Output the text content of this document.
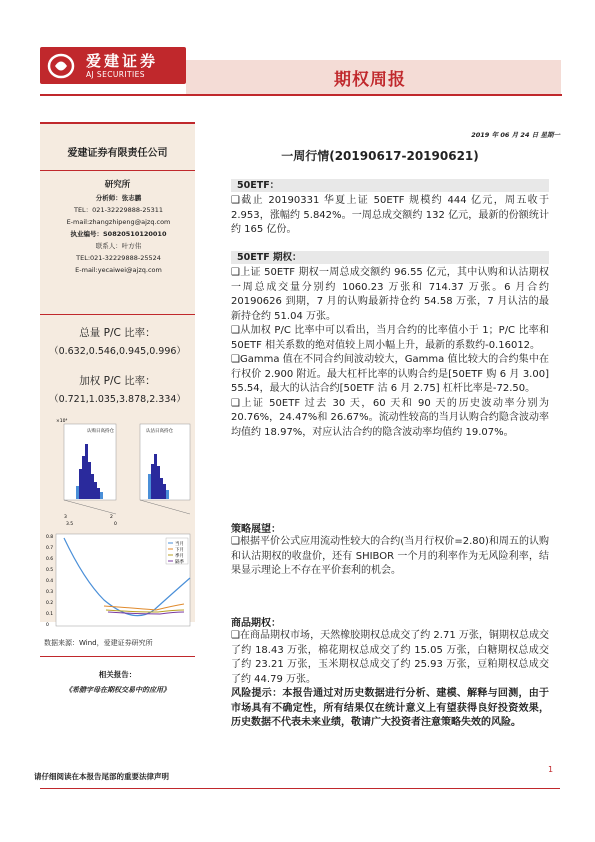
爱建证券
AJ SECURITIES	期权周报
爱建证券有限责任公司
研究所
分析师：张志鹏
TEL：021-32229888-25311
E-mail:zhangzhipeng@ajzq.com
执业编号：S0820510120010
联系人：叶方伟
TEL:021-32229888-25524
E-mail:yecaiwei@ajzq.com
总量 P/C 比率：
（0.632,0.546,0.945,0.996）
加权 P/C 比率：
（0.721,1.035,3.878,2.334）
×10⁴
认购日高持仓
3
3.5
2
0
认沽日高持仓
0.8
0.7
0.6
0.5
0.4
0.3
0.2
0.1
0
当月
下月
季月
隔季
数据来源：Wind，爱建证券研究所
相关报告：
《希腊字母在期权交易中的应用》
2019 年 06 月 24 日 星期一
一周行情(20190617-20190621)
50ETF：

❑截止 20190331 华夏上证 50ETF 规模约 444 亿元，周五收于 2.953，涨幅约 5.842%。一周总成交额约 132 亿元，最新的份额统计约 165 亿份。

50ETF 期权：

❑上证 50ETF 期权一周总成交额约 96.55 亿元，其中认购和认沽期权一周总成交量分别约 1060.23 万张和 714.37 万张。6 月合约 20190626 到期，7 月的认购最新持仓约 54.58 万张，7 月认沽的最新持仓约 51.04 万张。

❑从加权 P/C 比率中可以看出，当月合约的比率值小于 1；P/C 比率和 50ETF 相关系数的绝对值较上周小幅上升，最新的系数约-0.16012。

❑Gamma 值在不同合约间波动较大，Gamma 值比较大的合约集中在行权价 2.900 附近。最大杠杆比率的认购合约是[50ETF 购 6 月 3.00] 55.54，最大的认沽合约[50ETF 沽 6 月 2.75] 杠杆比率是-72.50。

❑上证 50ETF 过去 30 天，60 天和 90 天的历史波动率分别为 20.76%，24.47%和 26.67%。流动性较高的当月认购合约隐含波动率均值约 18.97%，对应认沽合约的隐含波动率均值约 19.07%。

策略展望：

❑根据平价公式应用流动性较大的合约(当月行权价=2.80)和周五的认购和认沽期权的收盘价，还有 SHIBOR 一个月的利率作为无风险利率，结果显示理论上不存在平价套利的机会。

商品期权：

❑在商品期权市场，天然橡胶期权总成交了约 2.71 万张，铜期权总成交了约 18.43 万张，棉花期权总成交了约 15.05 万张，白糖期权总成交了约 23.21 万张，玉米期权总成交了约 25.93 万张，豆粕期权总成交了约 44.79 万张。

风险提示：本报告通过对历史数据进行分析、建模、解释与回测，由于市场具有不确定性，所有结果仅在统计意义上有望获得良好投资效果，历史数据不代表未来业绩，敬请广大投资者注意策略失效的风险。

请仔细阅读在本报告尾部的重要法律声明
1
